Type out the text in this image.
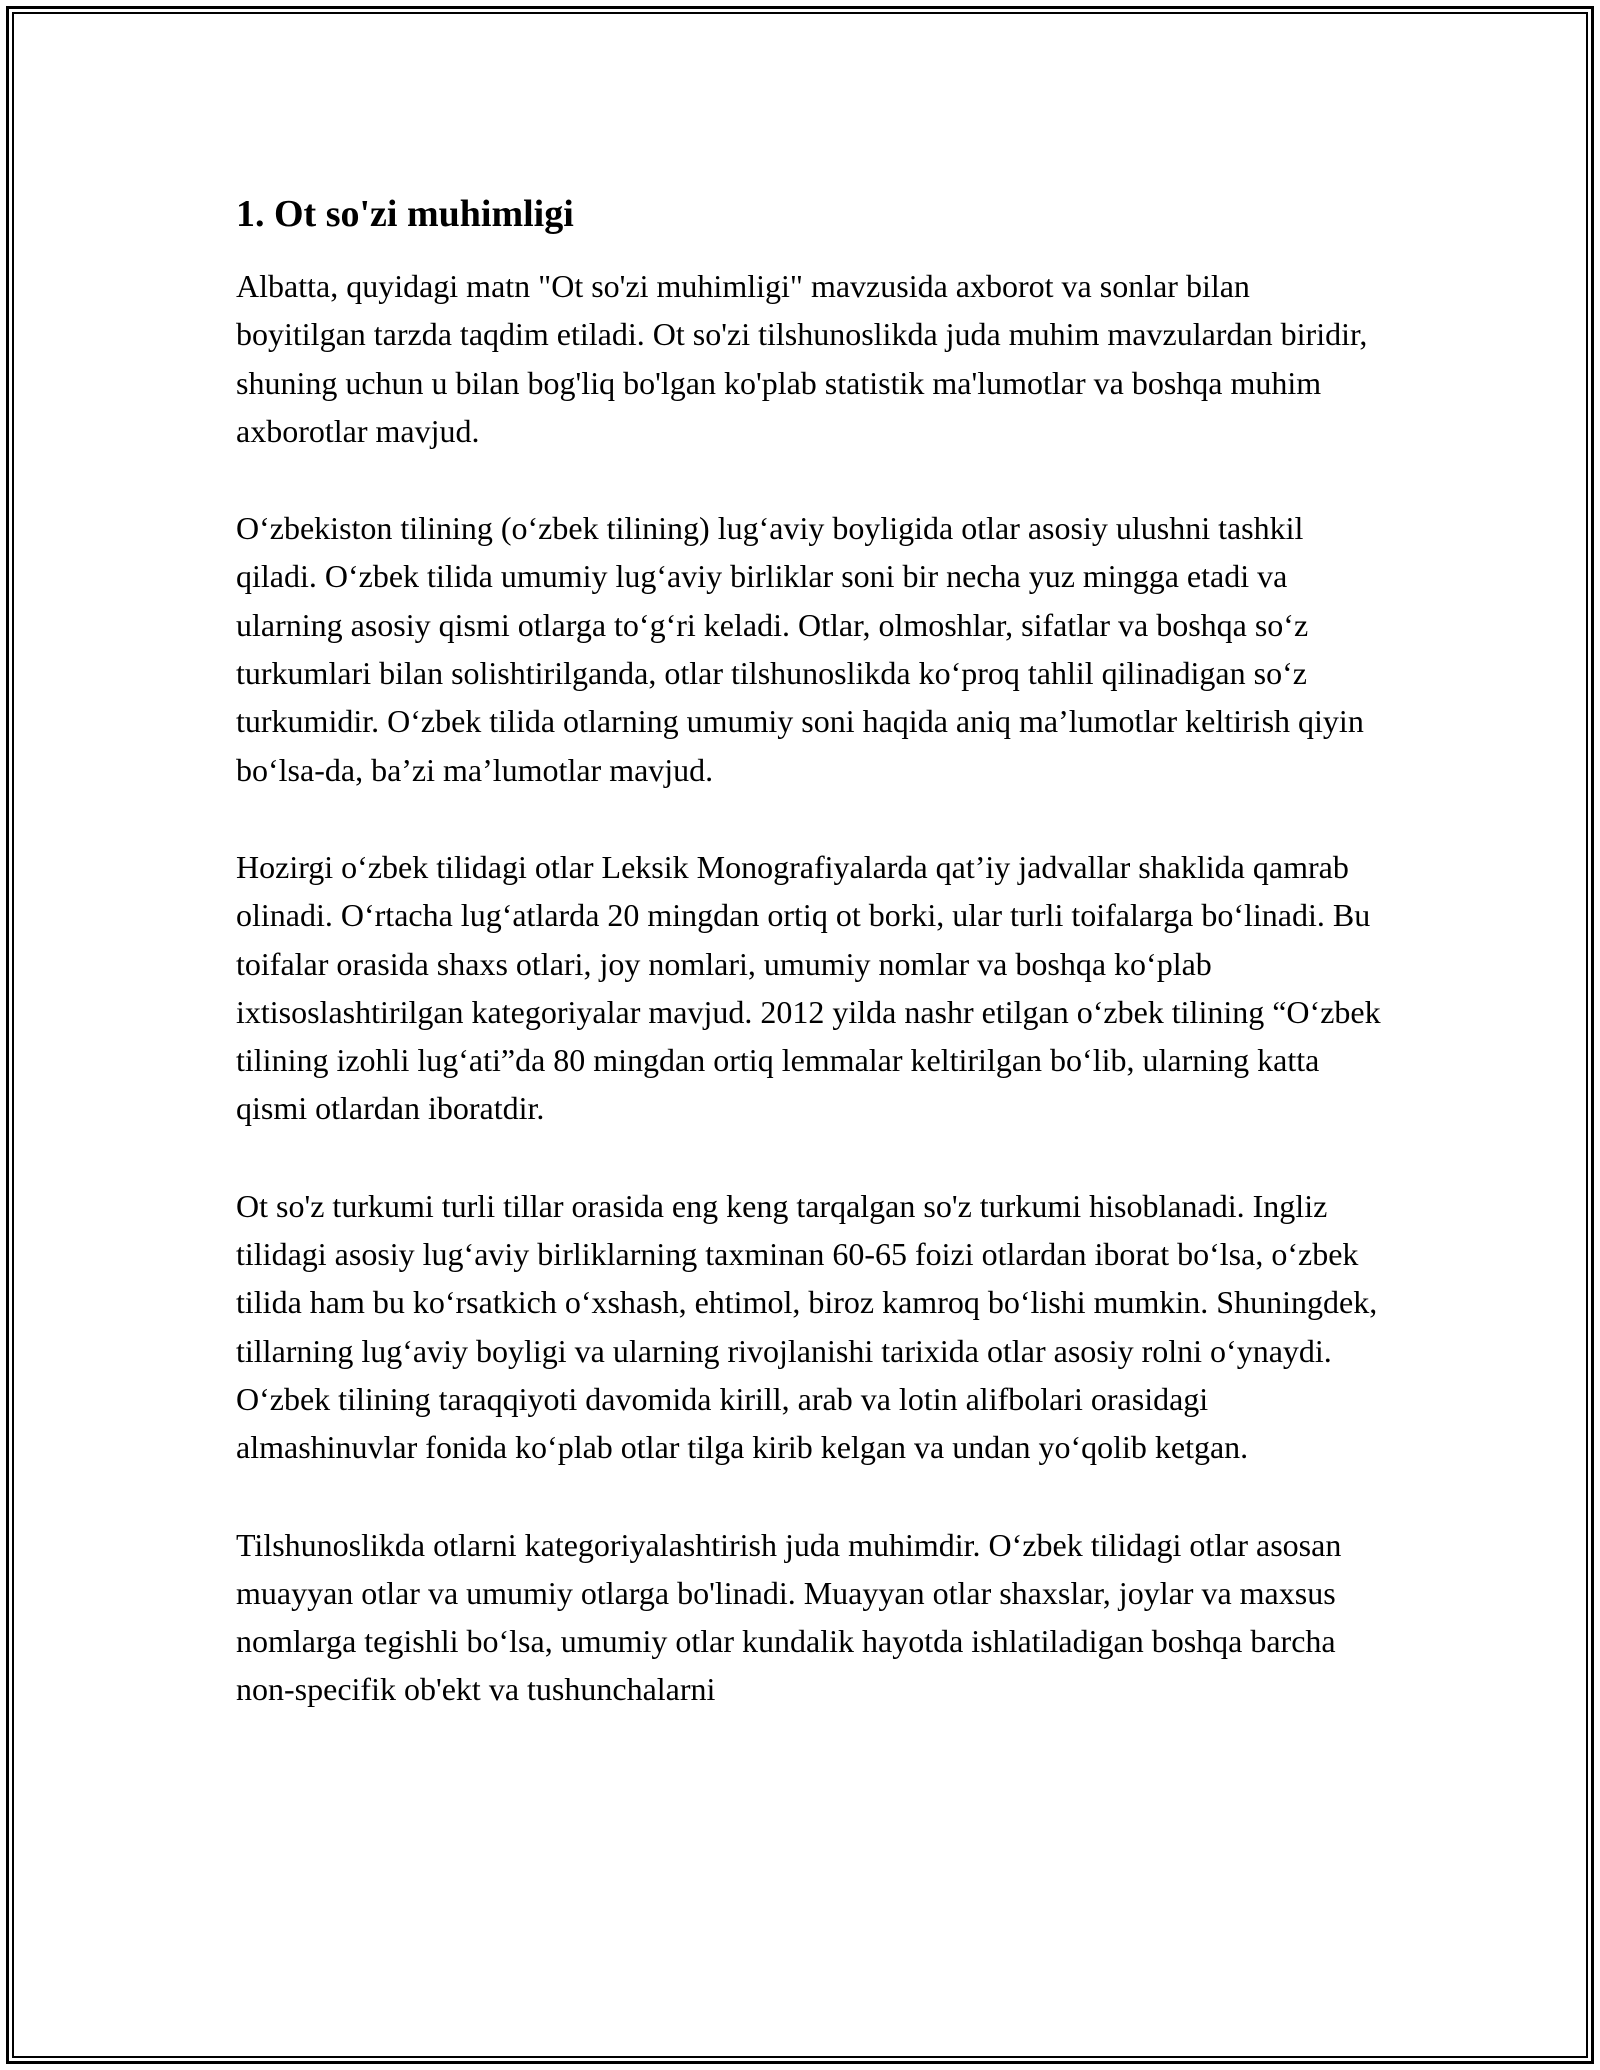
1. Ot so'zi muhimligi

Albatta, quyidagi matn "Ot so'zi muhimligi" mavzusida axborot va sonlar bilan boyitilgan tarzda taqdim etiladi. Ot so'zi tilshunoslikda juda muhim mavzulardan biridir, shuning uchun u bilan bog'liq bo'lgan ko'plab statistik ma'lumotlar va boshqa muhim axborotlar mavjud.

O‘zbekiston tilining (o‘zbek tilining) lug‘aviy boyligida otlar asosiy ulushni tashkil qiladi. O‘zbek tilida umumiy lug‘aviy birliklar soni bir necha yuz mingga etadi va ularning asosiy qismi otlarga to‘g‘ri keladi. Otlar, olmoshlar, sifatlar va boshqa so‘z turkumlari bilan solishtirilganda, otlar tilshunoslikda ko‘proq tahlil qilinadigan so‘z turkumidir. O‘zbek tilida otlarning umumiy soni haqida aniq ma’lumotlar keltirish qiyin bo‘lsa-da, ba’zi ma’lumotlar mavjud.

Hozirgi o‘zbek tilidagi otlar Leksik Monografiyalarda qat’iy jadvallar shaklida qamrab olinadi. O‘rtacha lug‘atlarda 20 mingdan ortiq ot borki, ular turli toifalarga bo‘linadi. Bu toifalar orasida shaxs otlari, joy nomlari, umumiy nomlar va boshqa ko‘plab ixtisoslashtirilgan kategoriyalar mavjud. 2012 yilda nashr etilgan o‘zbek tilining “O‘zbek tilining izohli lug‘ati”da 80 mingdan ortiq lemmalar keltirilgan bo‘lib, ularning katta qismi otlardan iboratdir.

Ot so'z turkumi turli tillar orasida eng keng tarqalgan so'z turkumi hisoblanadi. Ingliz tilidagi asosiy lug‘aviy birliklarning taxminan 60-65 foizi otlardan iborat bo‘lsa, o‘zbek tilida ham bu ko‘rsatkich o‘xshash, ehtimol, biroz kamroq bo‘lishi mumkin. Shuningdek, tillarning lug‘aviy boyligi va ularning rivojlanishi tarixida otlar asosiy rolni o‘ynaydi. O‘zbek tilining taraqqiyoti davomida kirill, arab va lotin alifbolari orasidagi almashinuvlar fonida ko‘plab otlar tilga kirib kelgan va undan yo‘qolib ketgan.

Tilshunoslikda otlarni kategoriyalashtirish juda muhimdir. O‘zbek tilidagi otlar asosan muayyan otlar va umumiy otlarga bo'linadi. Muayyan otlar shaxslar, joylar va maxsus nomlarga tegishli bo‘lsa, umumiy otlar kundalik hayotda ishlatiladigan boshqa barcha non-specifik ob'ekt va tushunchalarni
